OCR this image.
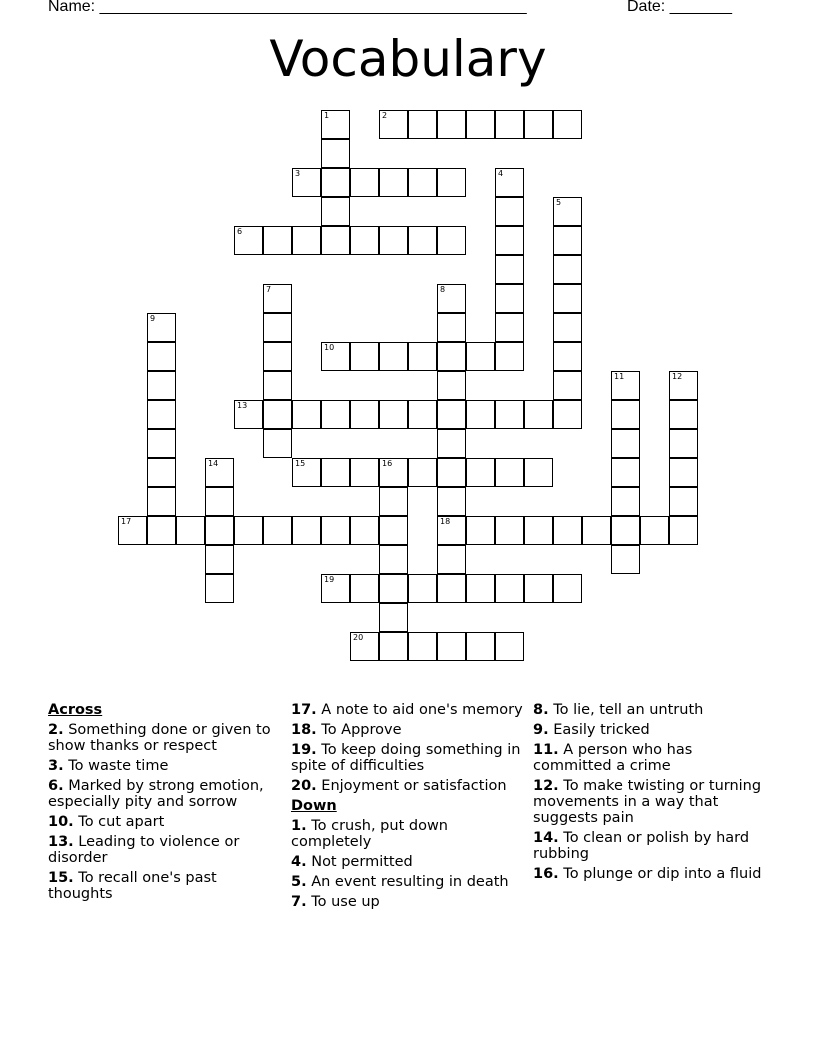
Name: ________________________________________________	Date: _______
Vocabulary
1	2
3	4
5
6
7	8
18
9
10
11	12
13
14	15	16
17
19
20
Across
2. Something done or given to show thanks or respect
3. To waste time
6. Marked by strong emotion, especially pity and sorrow
10. To cut apart
13. Leading to violence or disorder
15. To recall one's past thoughts
17. A note to aid one's memory
18. To Approve
19. To keep doing something in spite of difficulties
20. Enjoyment or satisfaction
Down
1. To crush, put down completely
4. Not permitted
5. An event resulting in death
7. To use up
8. To lie, tell an untruth
9. Easily tricked
11. A person who has committed a crime
12. To make twisting or turning movements in a way that suggests pain
14. To clean or polish by hard rubbing
16. To plunge or dip into a fluid
